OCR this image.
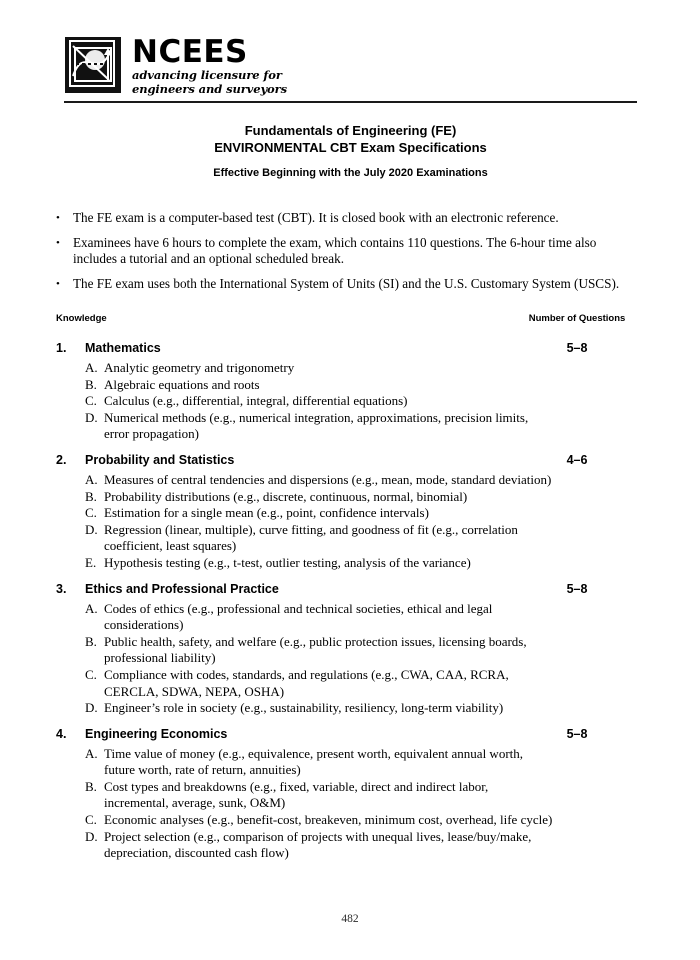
NCEES
advancing licensure for
engineers and surveyors
Fundamentals of Engineering (FE)
ENVIRONMENTAL CBT Exam Specifications
Effective Beginning with the July 2020 Examinations
• The FE exam is a computer-based test (CBT). It is closed book with an electronic reference.
• Examinees have 6 hours to complete the exam, which contains 110 questions. The 6-hour time also includes a tutorial and an optional scheduled break.
• The FE exam uses both the International System of Units (SI) and the U.S. Customary System (USCS).
Knowledge	Number of Questions
1. Mathematics	5–8
A. Analytic geometry and trigonometry
B. Algebraic equations and roots
C. Calculus (e.g., differential, integral, differential equations)
D. Numerical methods (e.g., numerical integration, approximations, precision limits, error propagation)
2. Probability and Statistics	4–6
A. Measures of central tendencies and dispersions (e.g., mean, mode, standard deviation)
B. Probability distributions (e.g., discrete, continuous, normal, binomial)
C. Estimation for a single mean (e.g., point, confidence intervals)
D. Regression (linear, multiple), curve fitting, and goodness of fit (e.g., correlation coefficient, least squares)
E. Hypothesis testing (e.g., t-test, outlier testing, analysis of the variance)
3. Ethics and Professional Practice	5–8
A. Codes of ethics (e.g., professional and technical societies, ethical and legal considerations)
B. Public health, safety, and welfare (e.g., public protection issues, licensing boards, professional liability)
C. Compliance with codes, standards, and regulations (e.g., CWA, CAA, RCRA, CERCLA, SDWA, NEPA, OSHA)
D. Engineer’s role in society (e.g., sustainability, resiliency, long-term viability)
4. Engineering Economics	5–8
A. Time value of money (e.g., equivalence, present worth, equivalent annual worth, future worth, rate of return, annuities)
B. Cost types and breakdowns (e.g., fixed, variable, direct and indirect labor, incremental, average, sunk, O&M)
C. Economic analyses (e.g., benefit-cost, breakeven, minimum cost, overhead, life cycle)
D. Project selection (e.g., comparison of projects with unequal lives, lease/buy/make, depreciation, discounted cash flow)
482
